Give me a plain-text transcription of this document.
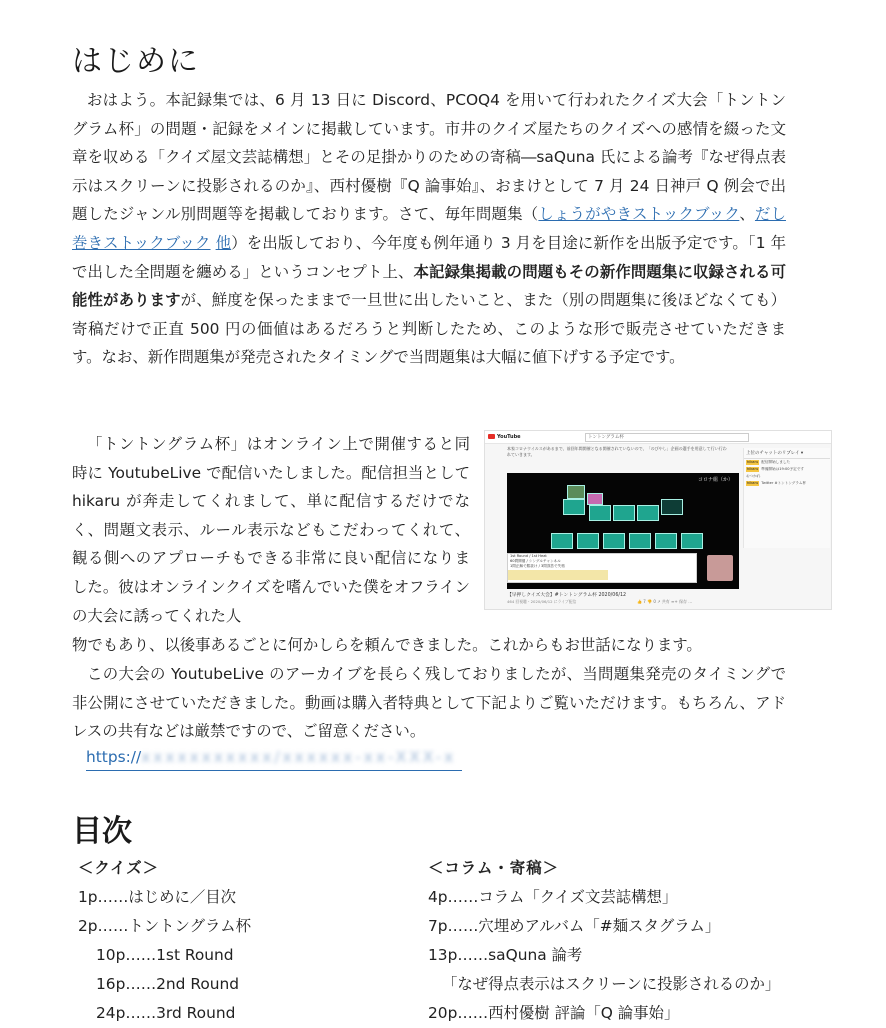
はじめに

おはよう。本記録集では、6 月 13 日に Discord、PCOQ4 を用いて行われたクイズ大会「トントングラム杯」の問題・記録をメインに掲載しています。市井のクイズ屋たちのクイズへの感情を綴った文章を収める「クイズ屋文芸誌構想」とその足掛かりのための寄稿―saQuna 氏による論考『なぜ得点表示はスクリーンに投影されるのか』、西村優樹『Q 論事始』、おまけとして 7 月 24 日神戸 Q 例会で出題したジャンル別問題等を掲載しております。さて、毎年問題集（しょうがやきストックブック、だし巻きストックブック 他）を出版しており、今年度も例年通り 3 月を目途に新作を出版予定です。「1 年で出した全問題を纏める」というコンセプト上、本記録集掲載の問題もその新作問題集に収録される可能性がありますが、鮮度を保ったままで一旦世に出したいこと、また（別の問題集に後ほどなくても）寄稿だけで正直 500 円の価値はあるだろうと判断したため、このような形で販売させていただきます。なお、新作問題集が発売されたタイミングで当問題集は大幅に値下げする予定です。

「トントングラム杯」はオンライン上で開催すると同時に YoutubeLive で配信いたしました。配信担当として hikaru が奔走してくれまして、単に配信するだけでなく、問題文表示、ルール表示などもこだわってくれて、観る側へのアプローチもできる非常に良い配信になりました。彼はオンラインクイズを嗜んでいた僕をオフラインの大会に誘ってくれた人

YouTube	トントングラム杯
本家コロナウイルスがあるまで、前回年間開催となる開催されていないので、「のびやし」企画の選手を用意して行い行われていきます。
コロナ組（か）
1st Round / 1st Heat
60問開催 / シングルチャンネル
1問正解で勝抜け / 3問誤答で失格
【早押しクイズ大会】#トントングラム杯 2020/06/12
464 回視聴・2020/06/12 にライブ配信	👍 7 👎 0 ↗ 共有 ≡+ 保存 …
上位のチャットのリプレイ ▾
hikaru 配信開始しました
hikaru 準備開始は19:00予定です
おつかれ
hikaru Twitter #トントングラム杯

物でもあり、以後事あるごとに何かしらを頼んできました。これからもお世話になります。

この大会の YoutubeLive のアーカイブを長らく残しておりましたが、当問題集発売のタイミングで非公開にさせていただきました。動画は購入者特典として下記よりご覧いただけます。もちろん、アドレスの共有などは厳禁ですので、ご留意ください。

https://xxxxxxxxxxx/xxxxxx-xx-XXX-x
目次
＜クイズ＞
1p……はじめに／目次
2p……トントングラム杯
10p……1st Round
16p……2nd Round
24p……3rd Round
＜コラム・寄稿＞
4p……コラム「クイズ文芸誌構想」
7p……穴埋めアルバム「#麺スタグラム」
13p……saQuna 論考
「なぜ得点表示はスクリーンに投影されるのか」
20p……西村優樹 評論「Q 論事始」
